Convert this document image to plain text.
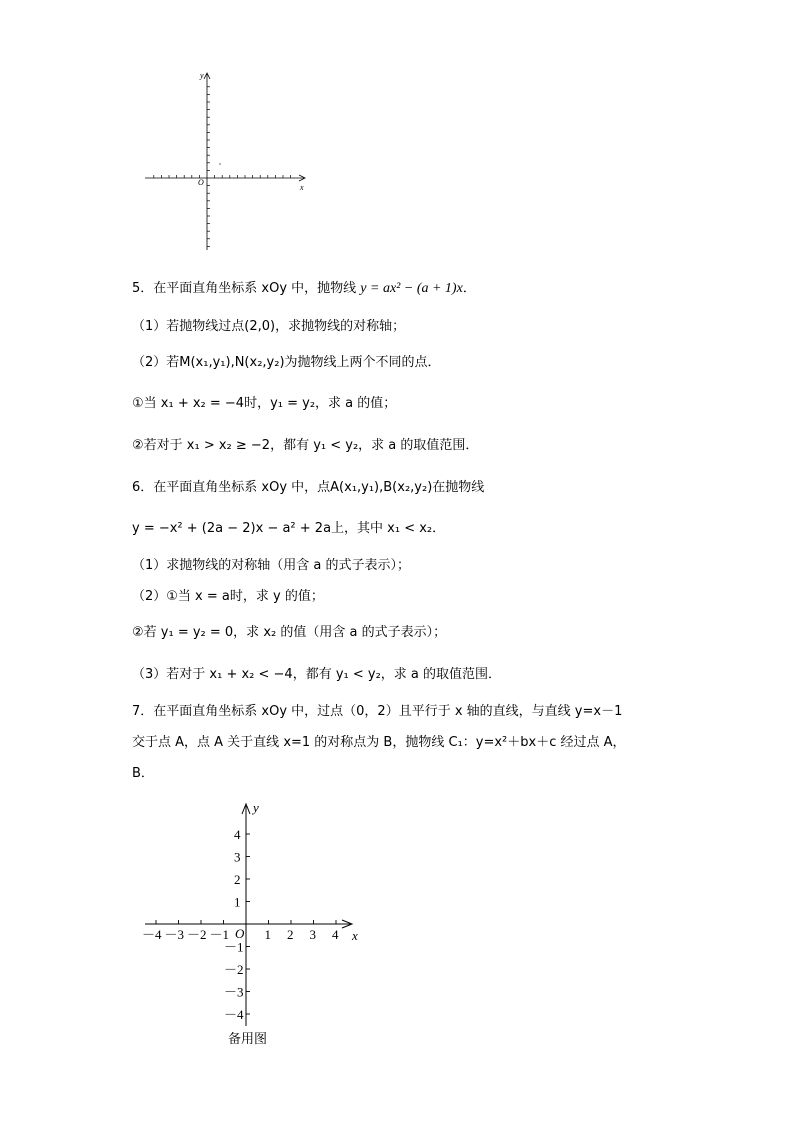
y
x
O
5．在平面直角坐标系 xOy 中，抛物线 y = ax² − (a + 1)x．
（1）若抛物线过点(2,0)，求抛物线的对称轴；
（2）若M(x₁,y₁),N(x₂,y₂)为抛物线上两个不同的点．
①当 x₁ + x₂ = −4时，y₁ = y₂，求 a 的值；
②若对于 x₁ > x₂ ≥ −2，都有 y₁ < y₂，求 a 的取值范围．
6．在平面直角坐标系 xOy 中，点A(x₁,y₁),B(x₂,y₂)在抛物线
y = −x² + (2a − 2)x − a² + 2a上，其中 x₁ < x₂．
（1）求抛物线的对称轴（用含 a 的式子表示）；
（2）①当 x = a时，求 y 的值；
②若 y₁ = y₂ = 0，求 x₂ 的值（用含 a 的式子表示）；
（3）若对于 x₁ + x₂ < −4，都有 y₁ < y₂，求 a 的取值范围．
7．在平面直角坐标系 xOy 中，过点（0，2）且平行于 x 轴的直线，与直线 y=x－1
交于点 A，点 A 关于直线 x=1 的对称点为 B，抛物线 C₁：y=x²＋bx＋c 经过点 A，
B．
－4 －3 －2 －1	1 2 3 4
4
3
2
1
－1
－2
－3
－4
y
x
O
备用图
